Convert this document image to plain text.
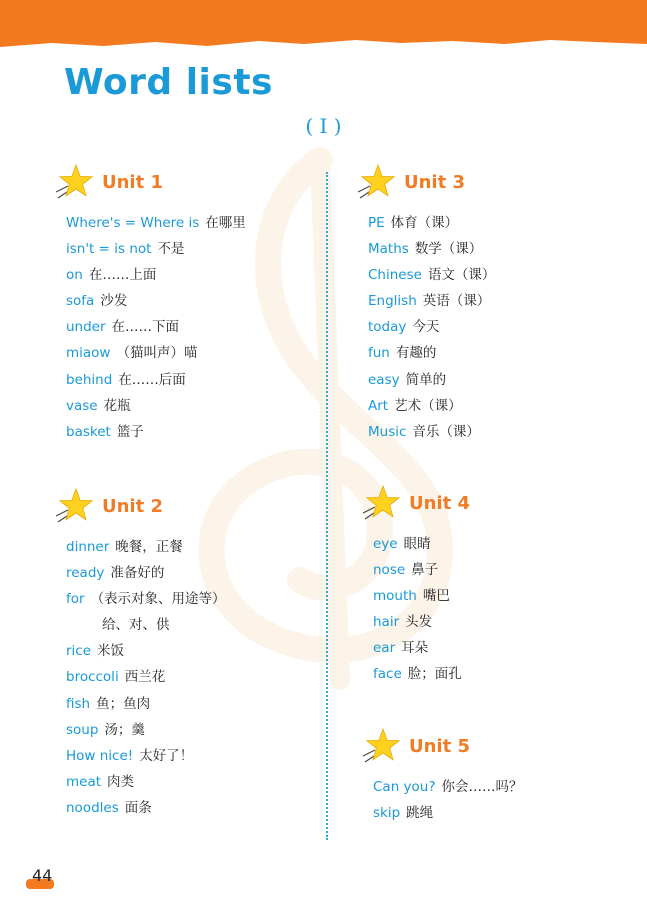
Word lists
( I )
Unit 1
Where's = Where is 在哪里
isn't = is not 不是
on 在……上面
sofa 沙发
under 在……下面
miaow （猫叫声）喵
behind 在……后面
vase 花瓶
basket 篮子
Unit 2
dinner 晚餐，正餐
ready 准备好的
for （表示对象、用途等）
给、对、供
rice 米饭
broccoli 西兰花
fish 鱼；鱼肉
soup 汤；羹
How nice! 太好了！
meat 肉类
noodles 面条
Unit 3
PE 体育（课）
Maths 数学（课）
Chinese 语文（课）
English 英语（课）
today 今天
fun 有趣的
easy 简单的
Art 艺术（课）
Music 音乐（课）
Unit 4
eye 眼睛
nose 鼻子
mouth 嘴巴
hair 头发
ear 耳朵
face 脸；面孔
Unit 5
Can you? 你会……吗？
skip 跳绳
44
